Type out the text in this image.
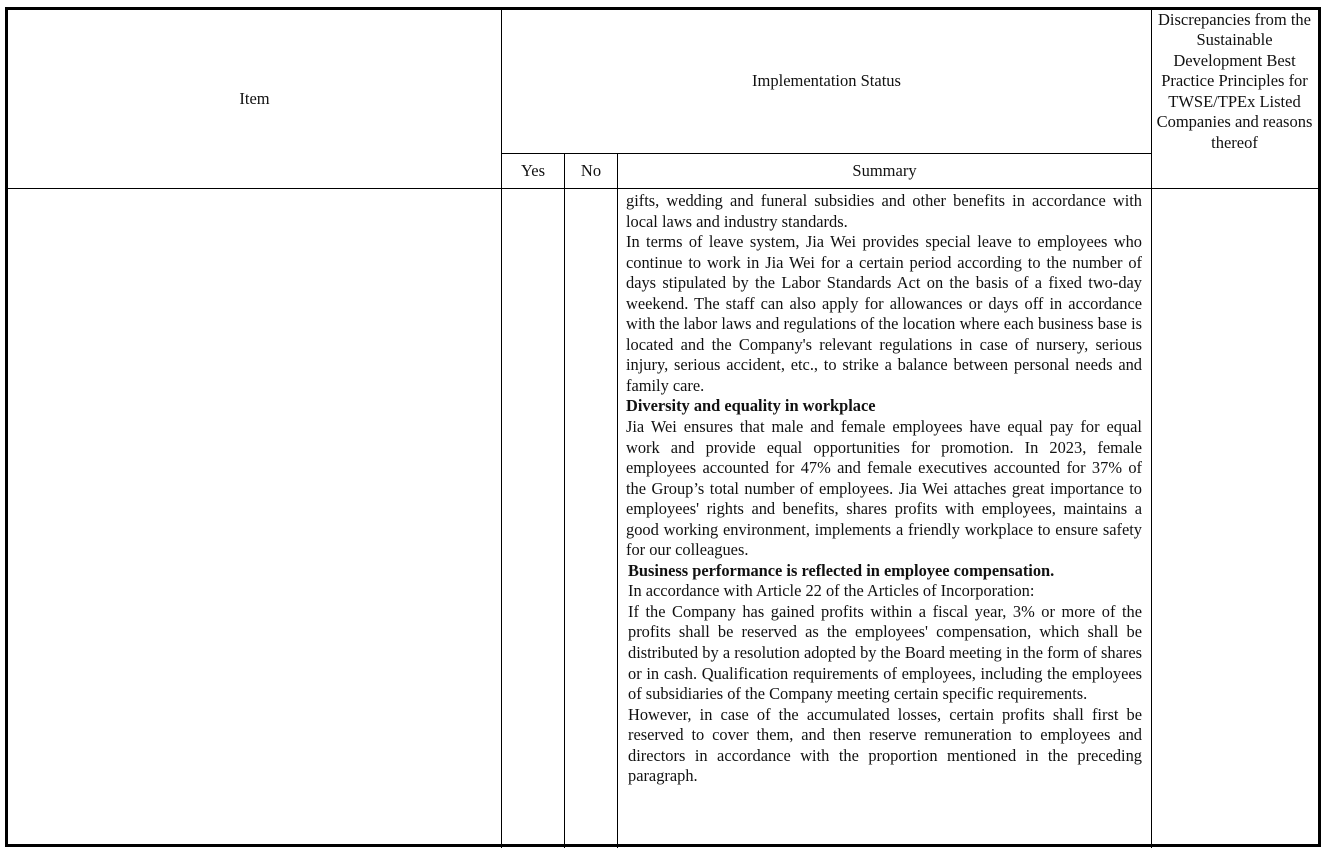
Item
Implementation Status
Discrepancies from the Sustainable Development Best Practice Principles for TWSE/TPEx Listed Companies and reasons thereof
Yes No	Summary

gifts, wedding and funeral subsidies and other benefits in accordance with local laws and industry standards.

In terms of leave system, Jia Wei provides special leave to employees who continue to work in Jia Wei for a certain period according to the number of days stipulated by the Labor Standards Act on the basis of a fixed two-day weekend. The staff can also apply for allowances or days off in accordance with the labor laws and regulations of the location where each business base is located and the Company's relevant regulations in case of nursery, serious injury, serious accident, etc., to strike a balance between personal needs and family care.

Diversity and equality in workplace

Jia Wei ensures that male and female employees have equal pay for equal work and provide equal opportunities for promotion. In 2023, female employees accounted for 47% and female executives accounted for 37% of the Group’s total number of employees. Jia Wei attaches great importance to employees' rights and benefits, shares profits with employees, maintains a good working environment, implements a friendly workplace to ensure safety for our colleagues.

Business performance is reflected in employee compensation.

In accordance with Article 22 of the Articles of Incorporation:

If the Company has gained profits within a fiscal year, 3% or more of the profits shall be reserved as the employees' compensation, which shall be distributed by a resolution adopted by the Board meeting in the form of shares or in cash. Qualification requirements of employees, including the employees of subsidiaries of the Company meeting certain specific requirements.

However, in case of the accumulated losses, certain profits shall first be reserved to cover them, and then reserve remuneration to employees and directors in accordance with the proportion mentioned in the preceding paragraph.
